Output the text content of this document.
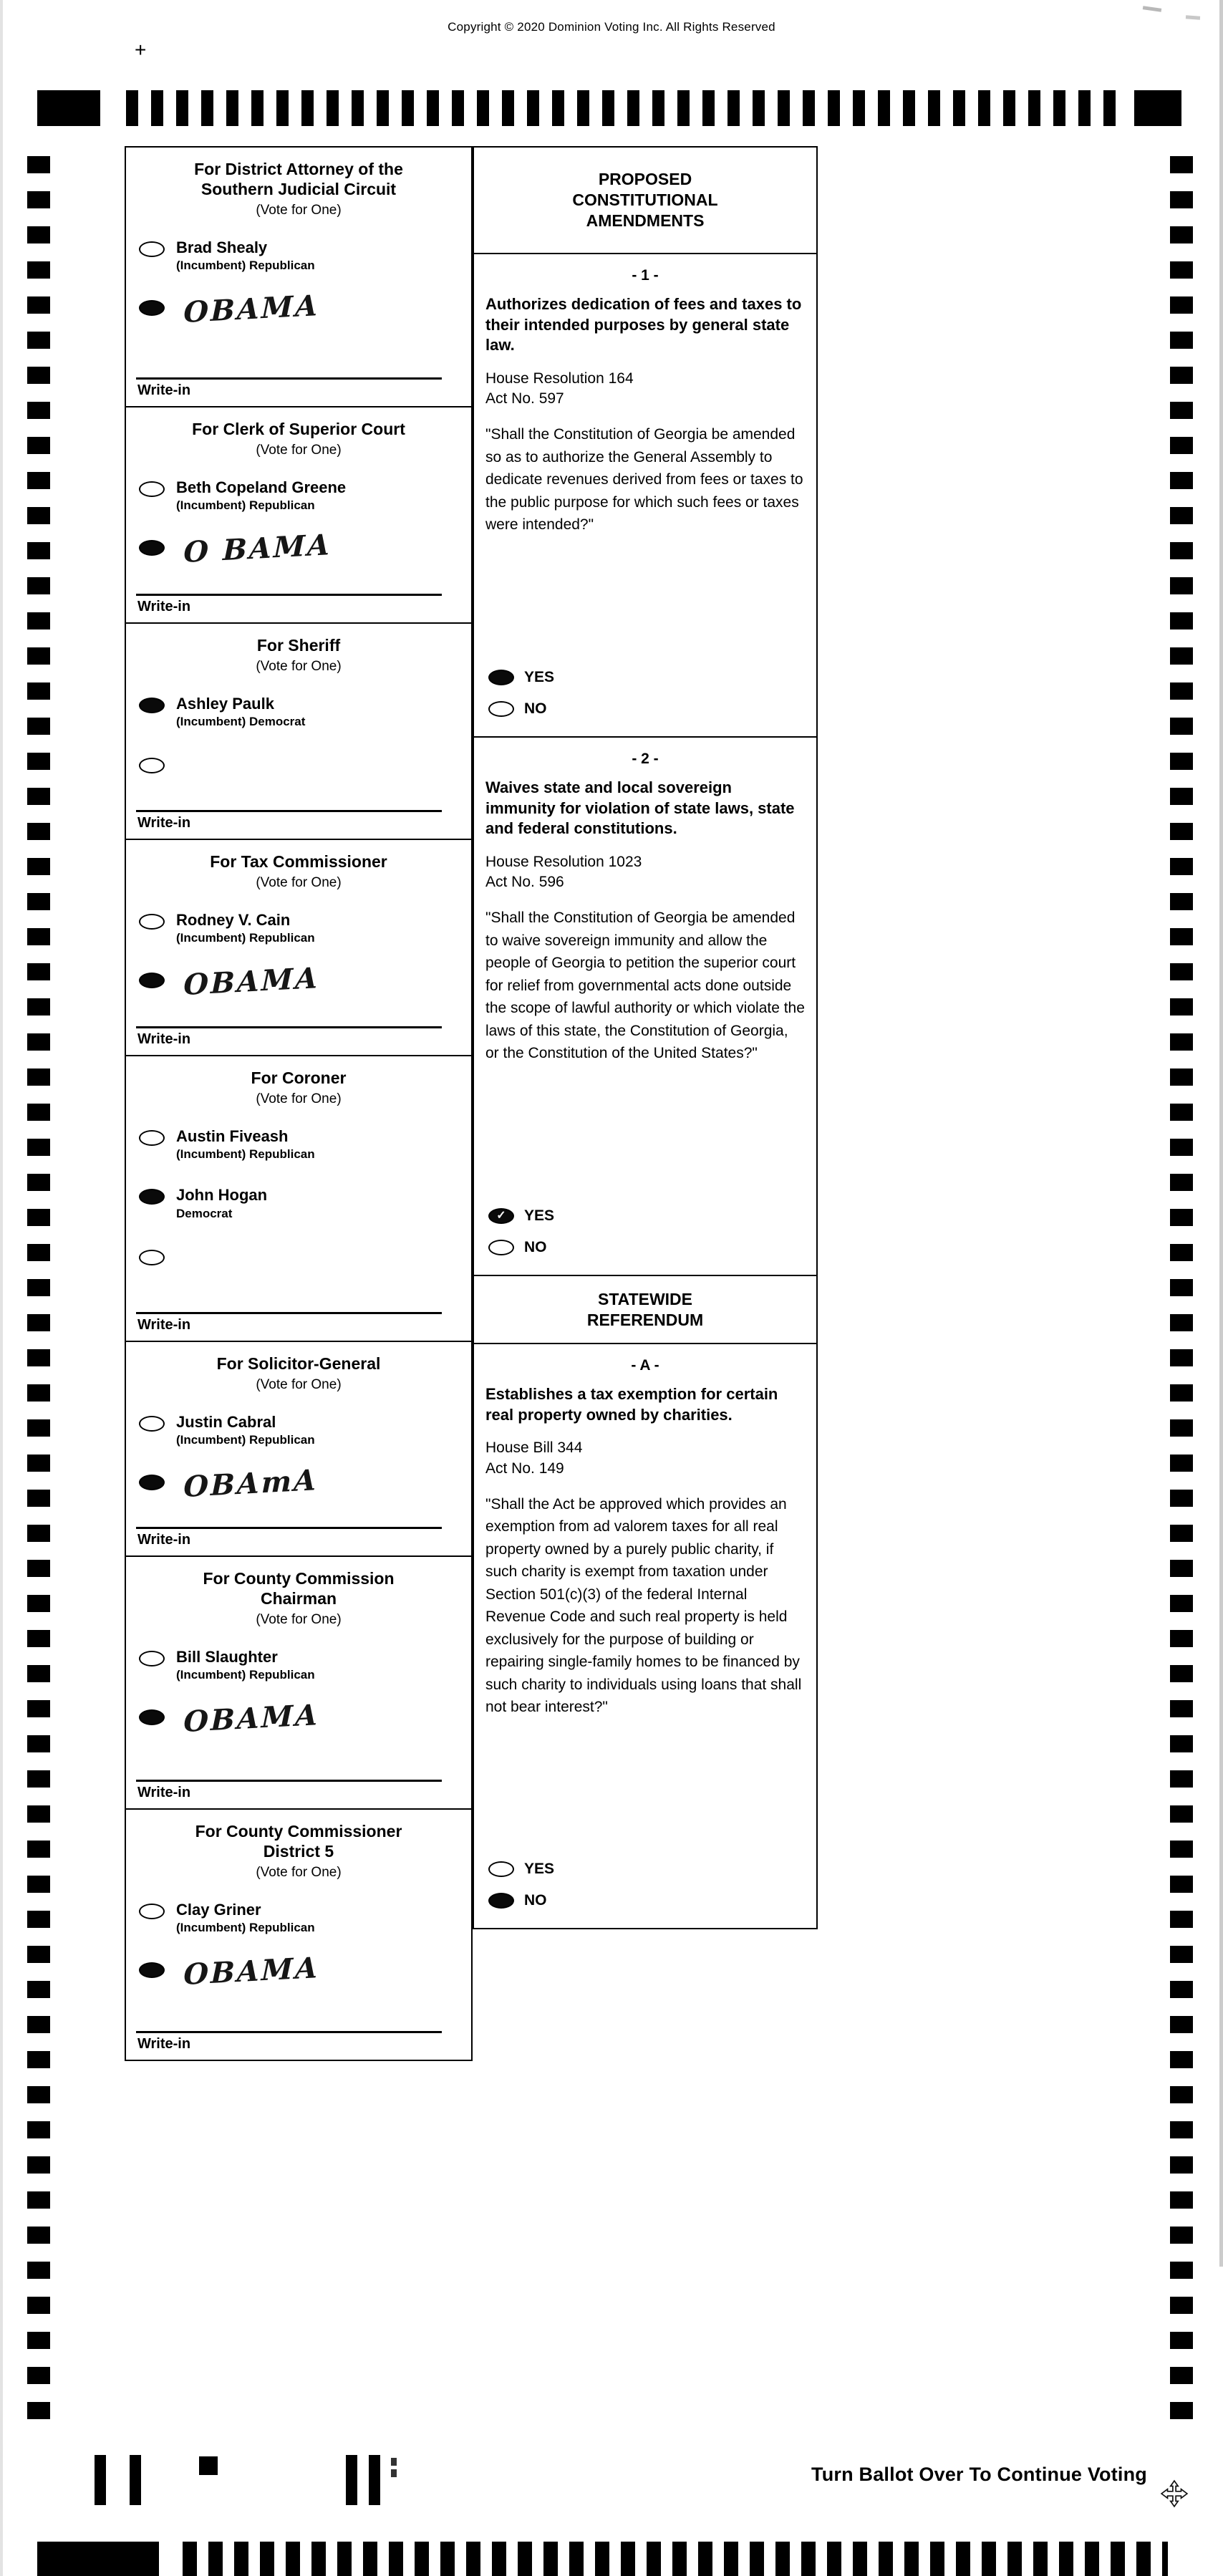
Copyright © 2020 Dominion Voting Inc. All Rights Reserved
+
For District Attorney of the Southern Judicial Circuit
(Vote for One)
Brad Shealy
(Incumbent) Republican
OBAMA
Write-in
For Clerk of Superior Court
(Vote for One)
Beth Copeland Greene
(Incumbent) Republican
O BAMA
Write-in
For Sheriff
(Vote for One)
Ashley Paulk
(Incumbent) Democrat
Write-in
For Tax Commissioner
(Vote for One)
Rodney V. Cain
(Incumbent) Republican
OBAMA
Write-in
For Coroner
(Vote for One)
Austin Fiveash
(Incumbent) Republican
John Hogan
Democrat
Write-in
For Solicitor-General
(Vote for One)
Justin Cabral
(Incumbent) Republican
OBAmA
Write-in
For County Commission Chairman
(Vote for One)
Bill Slaughter
(Incumbent) Republican
OBAMA
Write-in
For County Commissioner District 5
(Vote for One)
Clay Griner
(Incumbent) Republican
OBAMA
Write-in
PROPOSED CONSTITUTIONAL AMENDMENTS
- 1 -
Authorizes dedication of fees and taxes to their intended purposes by general state law.
House Resolution 164
Act No. 597
"Shall the Constitution of Georgia be amended so as to authorize the General Assembly to dedicate revenues derived from fees or taxes to the public purpose for which such fees or taxes were intended?"
YES
NO
- 2 -
Waives state and local sovereign immunity for violation of state laws, state and federal constitutions.
House Resolution 1023
Act No. 596
"Shall the Constitution of Georgia be amended to waive sovereign immunity and allow the people of Georgia to petition the superior court for relief from governmental acts done outside the scope of lawful authority or which violate the laws of this state, the Constitution of Georgia, or the Constitution of the United States?"
✓
YES
NO
STATEWIDE REFERENDUM
- A -
Establishes a tax exemption for certain real property owned by charities.
House Bill 344
Act No. 149
"Shall the Act be approved which provides an exemption from ad valorem taxes for all real property owned by a purely public charity, if such charity is exempt from taxation under Section 501(c)(3) of the federal Internal Revenue Code and such real property is held exclusively for the purpose of building or repairing single-family homes to be financed by such charity to individuals using loans that shall not bear interest?"
YES
NO
Turn Ballot Over To Continue Voting
